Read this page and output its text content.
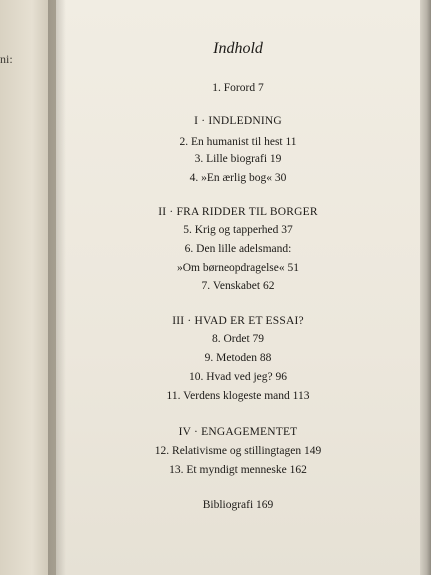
ni:
Indhold
1. Forord 7
I · INDLEDNING
2. En humanist til hest 11
3. Lille biografi 19
4. »En ærlig bog« 30
II · FRA RIDDER TIL BORGER
5. Krig og tapperhed 37
6. Den lille adelsmand:
»Om børneopdragelse« 51
7. Venskabet 62
III · HVAD ER ET ESSAI?
8. Ordet 79
9. Metoden 88
10. Hvad ved jeg? 96
11. Verdens klogeste mand 113
IV · ENGAGEMENTET
12. Relativisme og stillingtagen 149
13. Et myndigt menneske 162
Bibliografi 169
